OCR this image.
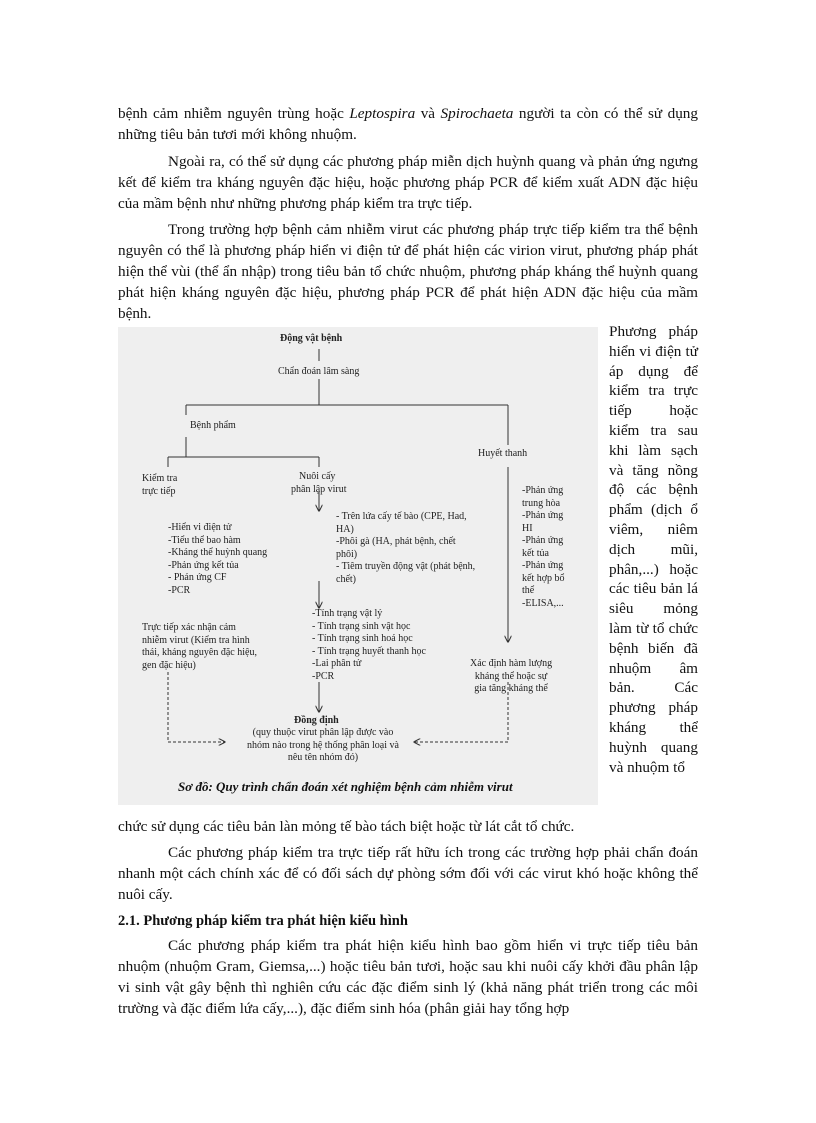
bệnh cảm nhiễm nguyên trùng hoặc Leptospira và Spirochaeta người ta còn có thể sử dụng những tiêu bản tươi mới không nhuộm.

Ngoài ra, có thể sử dụng các phương pháp miễn dịch huỳnh quang và phản ứng ngưng kết để kiểm tra kháng nguyên đặc hiệu, hoặc phương pháp PCR để kiểm xuất ADN đặc hiệu của mầm bệnh như những phương pháp kiểm tra trực tiếp.

Trong trường hợp bệnh cảm nhiễm virut các phương pháp trực tiếp kiểm tra thể bệnh nguyên có thể là phương pháp hiển vi điện tử để phát hiện các virion virut, phương pháp phát hiện thể vùi (thể ẩn nhập) trong tiêu bản tổ chức nhuộm, phương pháp kháng thể huỳnh quang phát hiện kháng nguyên đặc hiệu, phương pháp PCR để phát hiện ADN đặc hiệu của mầm bệnh.

Động vật bệnh
Chẩn đoán lâm sàng
Bệnh phẩm
Huyết thanh
Kiểm tra
trực tiếp
Nuôi cấy
phân lập virut
-Hiển vi điện tử
-Tiểu thể bao hàm
-Kháng thể huỳnh quang
-Phản ứng kết tủa
- Phản ứng CF
-PCR
- Trên lứa cấy tế bào (CPE, Had,
HA)
-Phôi gà (HA, phát bệnh, chết
phôi)
- Tiêm truyền động vật (phát bệnh,
chết)
-Phản ứng
trung hòa
-Phản ứng
HI
-Phản ứng
kết tủa
-Phản ứng
kết hợp bổ
thể
-ELISA,...
Trực tiếp xác nhận cảm
nhiễm virut (Kiểm tra hình
thái, kháng nguyên đặc hiệu,
gen đặc hiệu)
-Tính trạng vật lý
- Tính trạng sinh vật học
- Tính trạng sinh hoá học
- Tính trạng huyết thanh học
-Lai phân tử
-PCR
Xác định hàm lượng
kháng thể hoặc sự
gia tăng kháng thể
Đồng định
(quy thuộc virut phân lập được vào
nhóm nào trong hệ thống phân loại và
nêu tên nhóm đó)
Sơ đồ: Quy trình chẩn đoán xét nghiệm bệnh cảm nhiễm virut

Phương pháp hiển vi điện tử áp dụng để kiểm tra trực tiếp hoặc kiểm tra sau khi làm sạch và tăng nồng độ các bệnh phẩm (dịch ổ viêm, niêm dịch mũi, phân,...) hoặc các tiêu bản lá siêu mỏng làm từ tổ chức bệnh biến đã nhuộm âm bản. Các phương pháp kháng thể huỳnh quang và nhuộm tổ

chức sử dụng các tiêu bản làn mỏng tế bào tách biệt hoặc từ lát cắt tổ chức.

Các phương pháp kiểm tra trực tiếp rất hữu ích trong các trường hợp phải chẩn đoán nhanh một cách chính xác để có đối sách dự phòng sớm đối với các virut khó hoặc không thể nuôi cấy.

2.1. Phương pháp kiểm tra phát hiện kiểu hình

Các phương pháp kiểm tra phát hiện kiểu hình bao gồm hiển vi trực tiếp tiêu bản nhuộm (nhuộm Gram, Giemsa,...) hoặc tiêu bản tươi, hoặc sau khi nuôi cấy khởi đầu phân lập vi sinh vật gây bệnh thì nghiên cứu các đặc điểm sinh lý (khả năng phát triển trong các môi trường và đặc điểm lứa cấy,...), đặc điểm sinh hóa (phân giải hay tổng hợp
